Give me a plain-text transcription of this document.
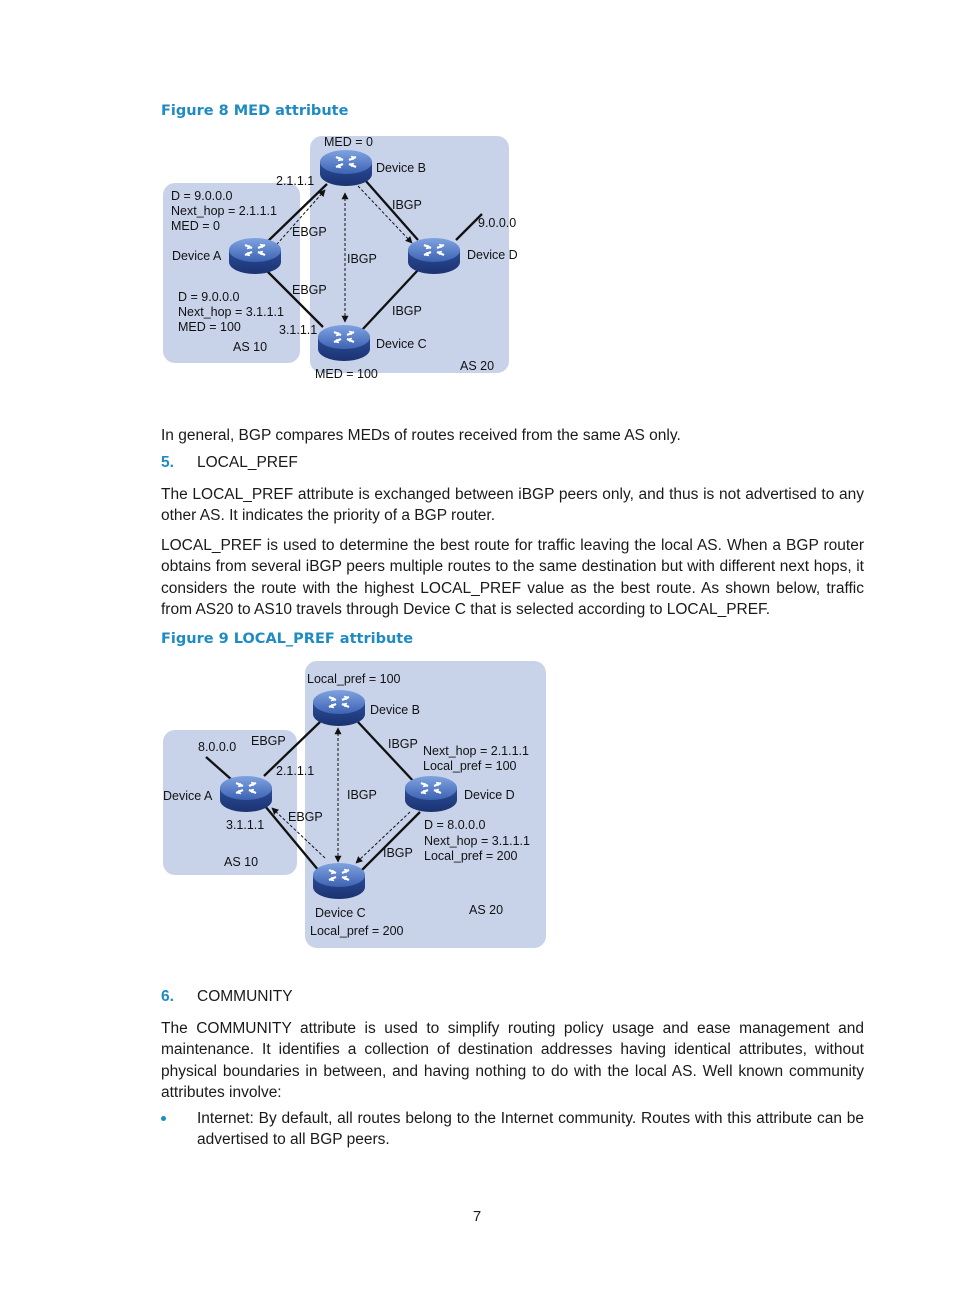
Figure 8 MED attribute
MED = 0
Device B
2.1.1.1
D = 9.0.0.0
Next_hop = 2.1.1.1
MED = 0
IBGP
9.0.0.0
EBGP
Device A	IBGP	Device D
EBGP
D = 9.0.0.0
Next_hop = 3.1.1.1	IBGP
MED = 100	3.1.1.1
Device C
AS 10
AS 20
MED = 100

In general, BGP compares MEDs of routes received from the same AS only.

5. LOCAL_PREF

The LOCAL_PREF attribute is exchanged between iBGP peers only, and thus is not advertised to any other AS. It indicates the priority of a BGP router.

LOCAL_PREF is used to determine the best route for traffic leaving the local AS. When a BGP router obtains from several iBGP peers multiple routes to the same destination but with different next hops, it considers the route with the highest LOCAL_PREF value as the best route. As shown below, traffic from AS20 to AS10 travels through Device C that is selected according to LOCAL_PREF.

Figure 9 LOCAL_PREF attribute
Local_pref = 100
Device B
EBGP	IBGP
8.0.0.0	Next_hop = 2.1.1.1
Local_pref = 100
2.1.1.1
Device A	IBGP	Device D
EBGP
3.1.1.1	D = 8.0.0.0
Next_hop = 3.1.1.1
IBGP Local_pref = 200
AS 10
AS 20
Device C
Local_pref = 200
6. COMMUNITY

The COMMUNITY attribute is used to simplify routing policy usage and ease management and maintenance. It identifies a collection of destination addresses having identical attributes, without physical boundaries in between, and having nothing to do with the local AS. Well known community attributes involve:

Internet: By default, all routes belong to the Internet community. Routes with this attribute can be advertised to all BGP peers.
7
